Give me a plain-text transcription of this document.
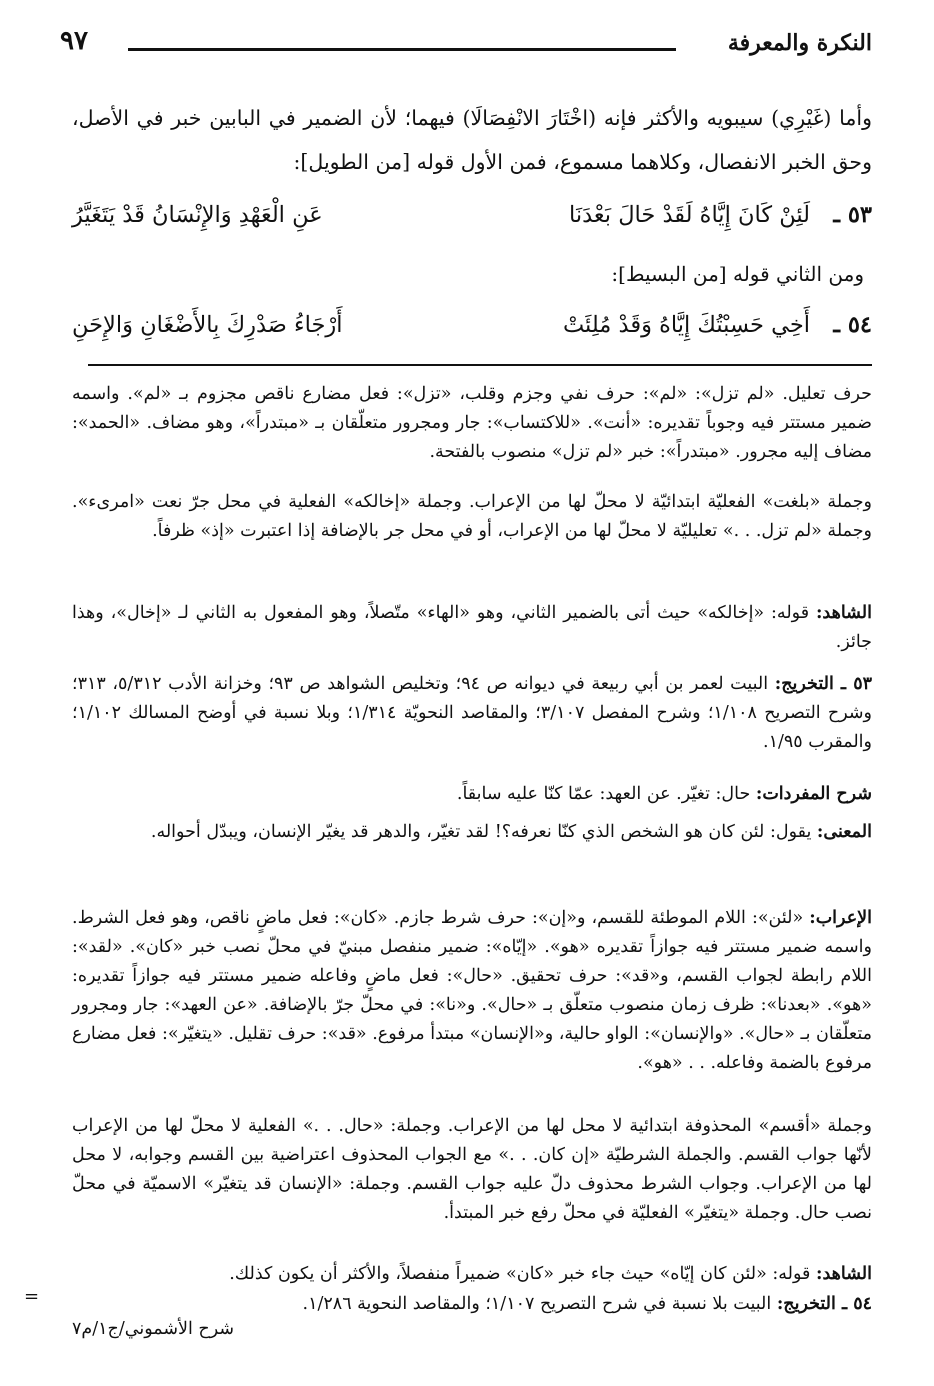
النكرة والمعرفة
٩٧

وأما (غَيْرِي) سيبويه والأكثر فإنه (اخْتَارَ الانْفِصَالَا) فيهما؛ لأن الضمير في البابين خبر في الأصل، وحق الخبر الانفصال، وكلاهما مسموع، فمن الأول قوله [من الطويل]:

٥٣ ـ
لَئِنْ كَانَ إِيَّاهُ لَقَدْ حَالَ بَعْدَنَا
عَنِ الْعَهْدِ وَالإِنْسَانُ قَدْ يَتَغَيَّرُ
ومن الثاني قوله [من البسيط]:
٥٤ ـ
أَخِي حَسِبْتُكَ إِيَّاهُ وَقَدْ مُلِئَتْ
أَرْجَاءُ صَدْرِكَ بِالأَضْغَانِ وَالإِحَنِ

حرف تعليل. «لم تزل»: «لم»: حرف نفي وجزم وقلب، «تزل»: فعل مضارع ناقص مجزوم بـ «لم». واسمه ضمير مستتر فيه وجوباً تقديره: «أنت». «للاكتساب»: جار ومجرور متعلّقان بـ «مبتدراً»، وهو مضاف. «الحمد»: مضاف إليه مجرور. «مبتدراً»: خبر «لم تزل» منصوب بالفتحة.

وجملة «بلغت» الفعليّة ابتدائيّة لا محلّ لها من الإعراب. وجملة «إخالكه» الفعلية في محل جرّ نعت «امرىء». وجملة «لم تزل. . .» تعليليّة لا محلّ لها من الإعراب، أو في محل جر بالإضافة إذا اعتبرت «إذ» ظرفاً.

الشاهد: قوله: «إخالكه» حيث أتى بالضمير الثاني، وهو «الهاء» متّصلاً، وهو المفعول به الثاني لـ «إخال»، وهذا جائز.

٥٣ ـ التخريج: البيت لعمر بن أبي ربيعة في ديوانه ص ٩٤؛ وتخليص الشواهد ص ٩٣؛ وخزانة الأدب ٥/٣١٢، ٣١٣؛ وشرح التصريح ١/١٠٨؛ وشرح المفصل ٣/١٠٧؛ والمقاصد النحويّة ١/٣١٤؛ وبلا نسبة في أوضح المسالك ١/١٠٢؛ والمقرب ١/٩٥.

شرح المفردات: حال: تغيّر. عن العهد: عمّا كنّا عليه سابقاً.

المعنى: يقول: لئن كان هو الشخص الذي كنّا نعرفه؟! لقد تغيّر، والدهر قد يغيّر الإنسان، ويبدّل أحواله.

الإعراب: «لئن»: اللام الموطئة للقسم، و«إن»: حرف شرط جازم. «كان»: فعل ماضٍ ناقص، وهو فعل الشرط. واسمه ضمير مستتر فيه جوازاً تقديره «هو». «إيّاه»: ضمير منفصل مبنيّ في محلّ نصب خبر «كان». «لقد»: اللام رابطة لجواب القسم، و«قد»: حرف تحقيق. «حال»: فعل ماضٍ وفاعله ضمير مستتر فيه جوازاً تقديره: «هو». «بعدنا»: ظرف زمان منصوب متعلّق بـ «حال». و«نا»: في محلّ جرّ بالإضافة. «عن العهد»: جار ومجرور متعلّقان بـ «حال». «والإنسان»: الواو حالية، و«الإنسان» مبتدأ مرفوع. «قد»: حرف تقليل. «يتغيّر»: فعل مضارع مرفوع بالضمة وفاعله. . . «هو».

وجملة «أقسم» المحذوفة ابتدائية لا محل لها من الإعراب. وجملة: «حال. . .» الفعلية لا محلّ لها من الإعراب لأنّها جواب القسم. والجملة الشرطيّة «إن كان. . .» مع الجواب المحذوف اعتراضية بين القسم وجوابه، لا محل لها من الإعراب. وجواب الشرط محذوف دلّ عليه جواب القسم. وجملة: «الإنسان قد يتغيّر» الاسميّة في محلّ نصب حال. وجملة «يتغيّر» الفعليّة في محلّ رفع خبر المبتدأ.

الشاهد: قوله: «لئن كان إيّاه» حيث جاء خبر «كان» ضميراً منفصلاً، والأكثر أن يكون كذلك.

٥٤ ـ التخريج: البيت بلا نسبة في شرح التصريح ١/١٠٧؛ والمقاصد النحوية ١/٢٨٦.

شرح الأشموني/ج١/م٧
=
